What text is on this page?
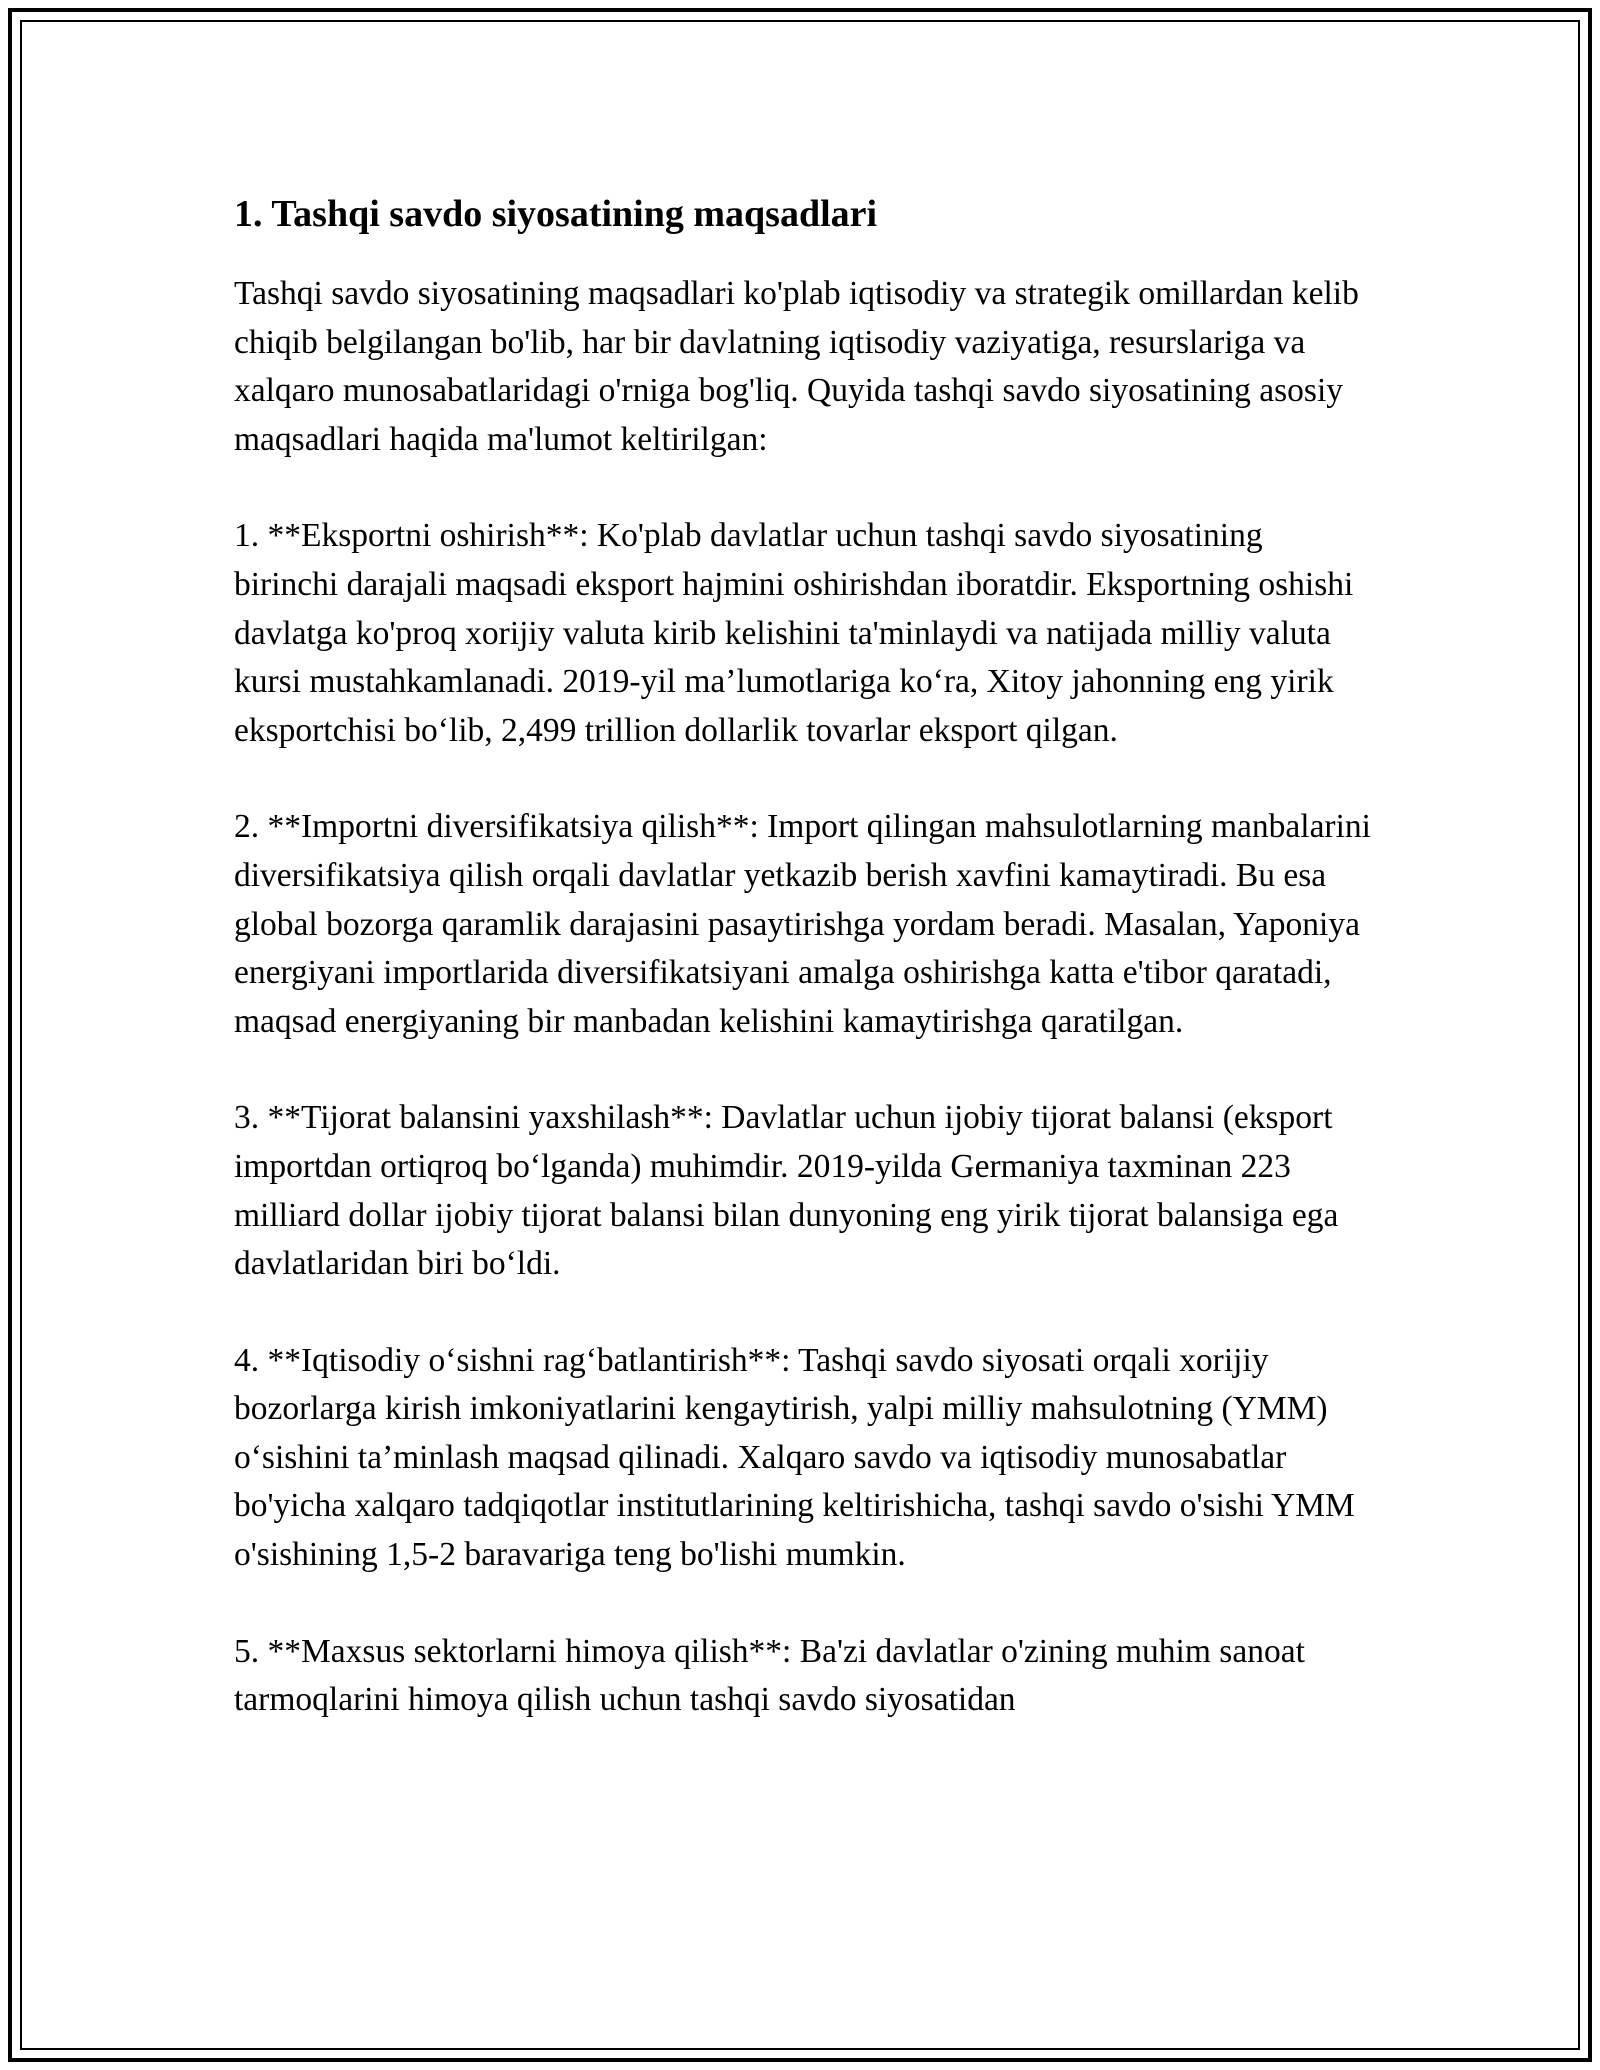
1. Tashqi savdo siyosatining maqsadlari

Tashqi savdo siyosatining maqsadlari ko'plab iqtisodiy va strategik omillardan kelib chiqib belgilangan bo'lib, har bir davlatning iqtisodiy vaziyatiga, resurslariga va xalqaro munosabatlaridagi o'rniga bog'liq. Quyida tashqi savdo siyosatining asosiy maqsadlari haqida ma'lumot keltirilgan:

1. **Eksportni oshirish**: Ko'plab davlatlar uchun tashqi savdo siyosatining birinchi darajali maqsadi eksport hajmini oshirishdan iboratdir. Eksportning oshishi davlatga ko'proq xorijiy valuta kirib kelishini ta'minlaydi va natijada milliy valuta kursi mustahkamlanadi. 2019-yil ma’lumotlariga ko‘ra, Xitoy jahonning eng yirik eksportchisi bo‘lib, 2,499 trillion dollarlik tovarlar eksport qilgan.

2. **Importni diversifikatsiya qilish**: Import qilingan mahsulotlarning manbalarini diversifikatsiya qilish orqali davlatlar yetkazib berish xavfini kamaytiradi. Bu esa global bozorga qaramlik darajasini pasaytirishga yordam beradi. Masalan, Yaponiya energiyani importlarida diversifikatsiyani amalga oshirishga katta e'tibor qaratadi, maqsad energiyaning bir manbadan kelishini kamaytirishga qaratilgan.

3. **Tijorat balansini yaxshilash**: Davlatlar uchun ijobiy tijorat balansi (eksport importdan ortiqroq bo‘lganda) muhimdir. 2019-yilda Germaniya taxminan 223 milliard dollar ijobiy tijorat balansi bilan dunyoning eng yirik tijorat balansiga ega davlatlaridan biri bo‘ldi.

4. **Iqtisodiy o‘sishni rag‘batlantirish**: Tashqi savdo siyosati orqali xorijiy bozorlarga kirish imkoniyatlarini kengaytirish, yalpi milliy mahsulotning (YMM) o‘sishini ta’minlash maqsad qilinadi. Xalqaro savdo va iqtisodiy munosabatlar bo'yicha xalqaro tadqiqotlar institutlarining keltirishicha, tashqi savdo o'sishi YMM o'sishining 1,5-2 baravariga teng bo'lishi mumkin.

5. **Maxsus sektorlarni himoya qilish**: Ba'zi davlatlar o'zining muhim sanoat tarmoqlarini himoya qilish uchun tashqi savdo siyosatidan
